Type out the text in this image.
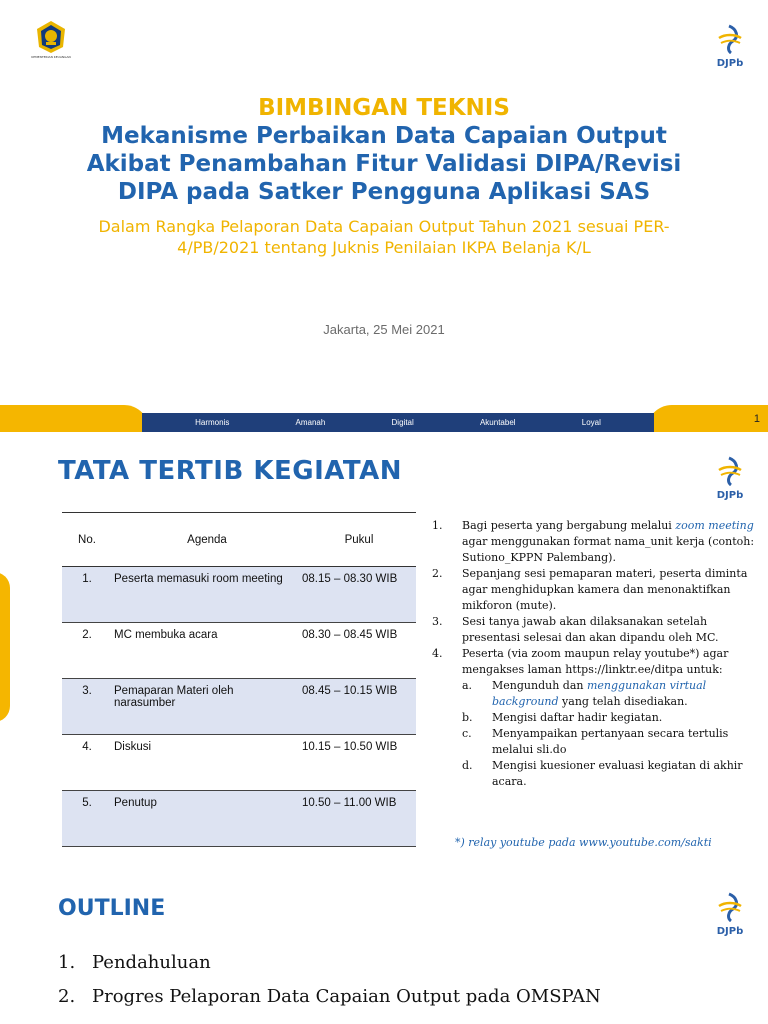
KEMENTERIAN KEUANGAN
DJPb
BIMBINGAN TEKNIS
Mekanisme Perbaikan Data Capaian Output Akibat Penambahan Fitur Validasi DIPA/Revisi DIPA pada Satker Pengguna Aplikasi SAS
Dalam Rangka Pelaporan Data Capaian Output Tahun 2021 sesuai PER-4/PB/2021 tentang Juknis Penilaian IKPA Belanja K/L
Jakarta, 25 Mei 2021
Harmonis	Amanah	Digital	Akuntabel	Loyal	1
TATA TERTIB KEGIATAN
DJPb
No.	Agenda	Pukul
1.	Peserta memasuki room meeting	08.15 – 08.30 WIB
2.	MC membuka acara	08.30 – 08.45 WIB
3.	Pemaparan Materi oleh narasumber	08.45 – 10.15 WIB
4.	Diskusi	10.15 – 10.50 WIB
5.	Penutup	10.50 – 11.00 WIB
1.	Bagi peserta yang bergabung melalui zoom meeting agar menggunakan format nama_unit kerja (contoh: Sutiono_KPPN Palembang).
2.	Sepanjang sesi pemaparan materi, peserta diminta agar menghidupkan kamera dan menonaktifkan mikforon (mute).
3.	Sesi tanya jawab akan dilaksanakan setelah presentasi selesai dan akan dipandu oleh MC.
4.	Peserta (via zoom maupun relay youtube*) agar mengakses laman https://linktr.ee/ditpa untuk:
a.	Mengunduh dan menggunakan virtual background yang telah disediakan.
b.	Mengisi daftar hadir kegiatan.
c.	Menyampaikan pertanyaan secara tertulis melalui sli.do
d.	Mengisi kuesioner evaluasi kegiatan di akhir acara.
*) relay youtube pada www.youtube.com/sakti
OUTLINE
DJPb
1. Pendahuluan
2. Progres Pelaporan Data Capaian Output pada OMSPAN
